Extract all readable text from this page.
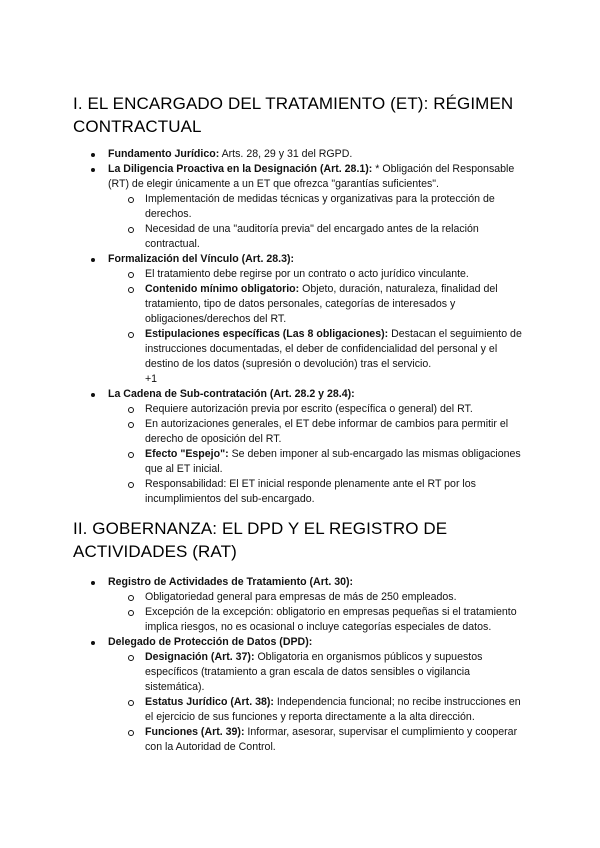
I. EL ENCARGADO DEL TRATAMIENTO (ET): RÉGIMEN CONTRACTUAL
Fundamento Jurídico: Arts. 28, 29 y 31 del RGPD.
La Diligencia Proactiva en la Designación (Art. 28.1): * Obligación del Responsable (RT) de elegir únicamente a un ET que ofrezca "garantías suficientes".
Implementación de medidas técnicas y organizativas para la protección de derechos.
Necesidad de una "auditoría previa" del encargado antes de la relación contractual.
Formalización del Vínculo (Art. 28.3):
El tratamiento debe regirse por un contrato o acto jurídico vinculante.
Contenido mínimo obligatorio: Objeto, duración, naturaleza, finalidad del tratamiento, tipo de datos personales, categorías de interesados y obligaciones/derechos del RT.
Estipulaciones específicas (Las 8 obligaciones): Destacan el seguimiento de instrucciones documentadas, el deber de confidencialidad del personal y el destino de los datos (supresión o devolución) tras el servicio.
+1
La Cadena de Sub-contratación (Art. 28.2 y 28.4):
Requiere autorización previa por escrito (específica o general) del RT.
En autorizaciones generales, el ET debe informar de cambios para permitir el derecho de oposición del RT.
Efecto "Espejo": Se deben imponer al sub-encargado las mismas obligaciones que al ET inicial.
Responsabilidad: El ET inicial responde plenamente ante el RT por los incumplimientos del sub-encargado.
II. GOBERNANZA: EL DPD Y EL REGISTRO DE ACTIVIDADES (RAT)
Registro de Actividades de Tratamiento (Art. 30):
Obligatoriedad general para empresas de más de 250 empleados.
Excepción de la excepción: obligatorio en empresas pequeñas si el tratamiento implica riesgos, no es ocasional o incluye categorías especiales de datos.
Delegado de Protección de Datos (DPD):
Designación (Art. 37): Obligatoria en organismos públicos y supuestos específicos (tratamiento a gran escala de datos sensibles o vigilancia sistemática).
Estatus Jurídico (Art. 38): Independencia funcional; no recibe instrucciones en el ejercicio de sus funciones y reporta directamente a la alta dirección.
Funciones (Art. 39): Informar, asesorar, supervisar el cumplimiento y cooperar con la Autoridad de Control.
